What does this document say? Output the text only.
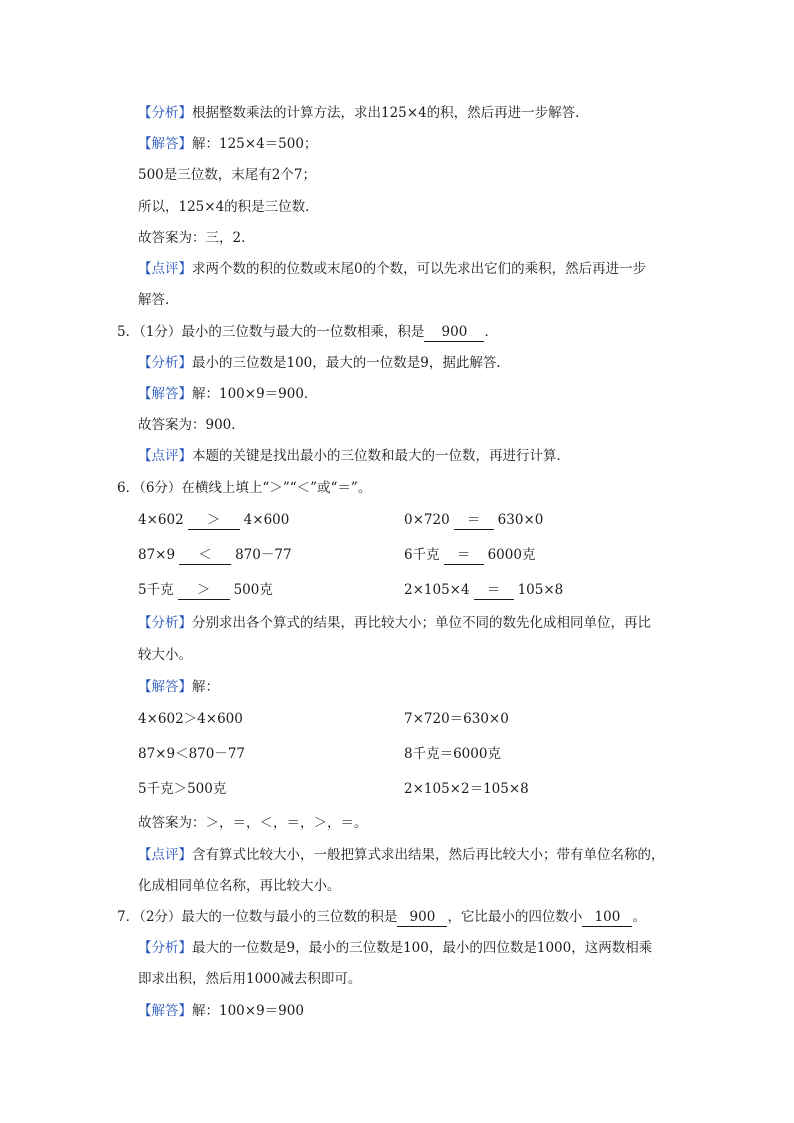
【分析】根据整数乘法的计算方法，求出125×4的积，然后再进一步解答．
【解答】解：125×4＝500；
500是三位数，末尾有2个7；
所以，125×4的积是三位数．
故答案为：三，2．
【点评】求两个数的积的位数或末尾0的个数，可以先求出它们的乘积，然后再进一步
解答．
5．（1分）最小的三位数与最大的一位数相乘，积是 900 ．
【分析】最小的三位数是100，最大的一位数是9，据此解答．
【解答】解：100×9＝900．
故答案为：900．
【点评】本题的关键是找出最小的三位数和最大的一位数，再进行计算．
6．（6分）在横线上填上“＞”“＜”或“＝”。
4×602 ＞ 4×600	0×720 ＝ 630×0
87×9 ＜ 870－77	6千克 ＝ 6000克
5千克 ＞ 500克	2×105×4 ＝ 105×8
【分析】分别求出各个算式的结果，再比较大小；单位不同的数先化成相同单位，再比
较大小。
【解答】解：
4×602＞4×600	7×720＝630×0
87×9＜870－77	8千克＝6000克
5千克＞500克	2×105×2＝105×8
故答案为：＞，＝，＜，＝，＞，＝。
【点评】含有算式比较大小，一般把算式求出结果，然后再比较大小；带有单位名称的，
化成相同单位名称，再比较大小。
7．（2分）最大的一位数与最小的三位数的积是 900 ，它比最小的四位数小 100 。
【分析】最大的一位数是9，最小的三位数是100，最小的四位数是1000，这两数相乘
即求出积，然后用1000减去积即可。
【解答】解：100×9＝900
